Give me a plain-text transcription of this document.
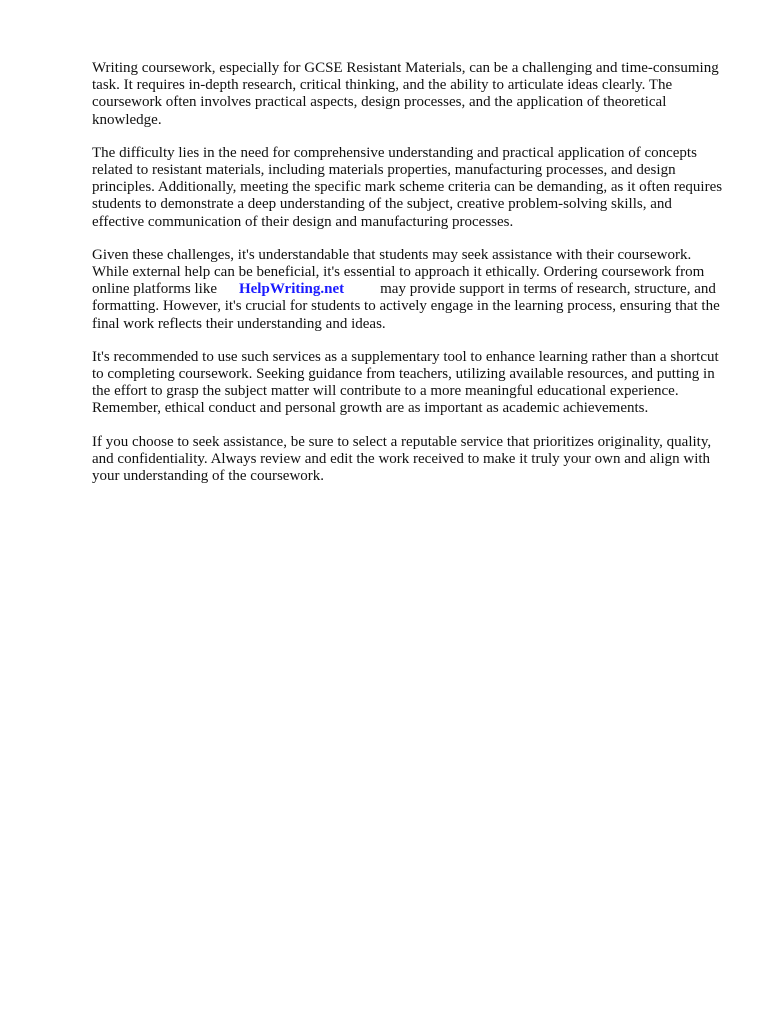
Writing coursework, especially for GCSE Resistant Materials, can be a challenging and time-consuming task. It requires in-depth research, critical thinking, and the ability to articulate ideas clearly. The coursework often involves practical aspects, design processes, and the application of theoretical knowledge.

The difficulty lies in the need for comprehensive understanding and practical application of concepts related to resistant materials, including materials properties, manufacturing processes, and design principles. Additionally, meeting the specific mark scheme criteria can be demanding, as it often requires students to demonstrate a deep understanding of the subject, creative problem-solving skills, and effective communication of their design and manufacturing processes.

Given these challenges, it's understandable that students may seek assistance with their coursework. While external help can be beneficial, it's essential to approach it ethically. Ordering coursework from online platforms like HelpWriting.net may provide support in terms of research, structure, and formatting. However, it's crucial for students to actively engage in the learning process, ensuring that the final work reflects their understanding and ideas.

It's recommended to use such services as a supplementary tool to enhance learning rather than a shortcut to completing coursework. Seeking guidance from teachers, utilizing available resources, and putting in the effort to grasp the subject matter will contribute to a more meaningful educational experience. Remember, ethical conduct and personal growth are as important as academic achievements.

If you choose to seek assistance, be sure to select a reputable service that prioritizes originality, quality, and confidentiality. Always review and edit the work received to make it truly your own and align with your understanding of the coursework.
